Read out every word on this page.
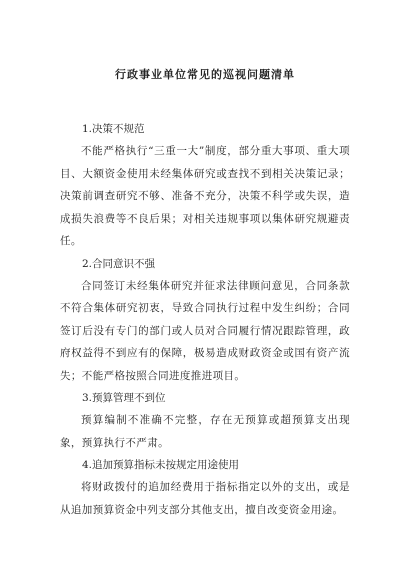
行政事业单位常见的巡视问题清单
1.决策不规范
不能严格执行“三重一大”制度，部分重大事项、重大项目、大额资金使用未经集体研究或查找不到相关决策记录；决策前调查研究不够、准备不充分，决策不科学或失误，造成损失浪费等不良后果；对相关违规事项以集体研究规避责任。
2.合同意识不强
合同签订未经集体研究并征求法律顾问意见，合同条款不符合集体研究初衷，导致合同执行过程中发生纠纷；合同签订后没有专门的部门或人员对合同履行情况跟踪管理，政府权益得不到应有的保障，极易造成财政资金或国有资产流失；不能严格按照合同进度推进项目。
3.预算管理不到位
预算编制不准确不完整，存在无预算或超预算支出现象，预算执行不严肃。
4.追加预算指标未按规定用途使用
将财政拨付的追加经费用于指标指定以外的支出，或是从追加预算资金中列支部分其他支出，擅自改变资金用途。
